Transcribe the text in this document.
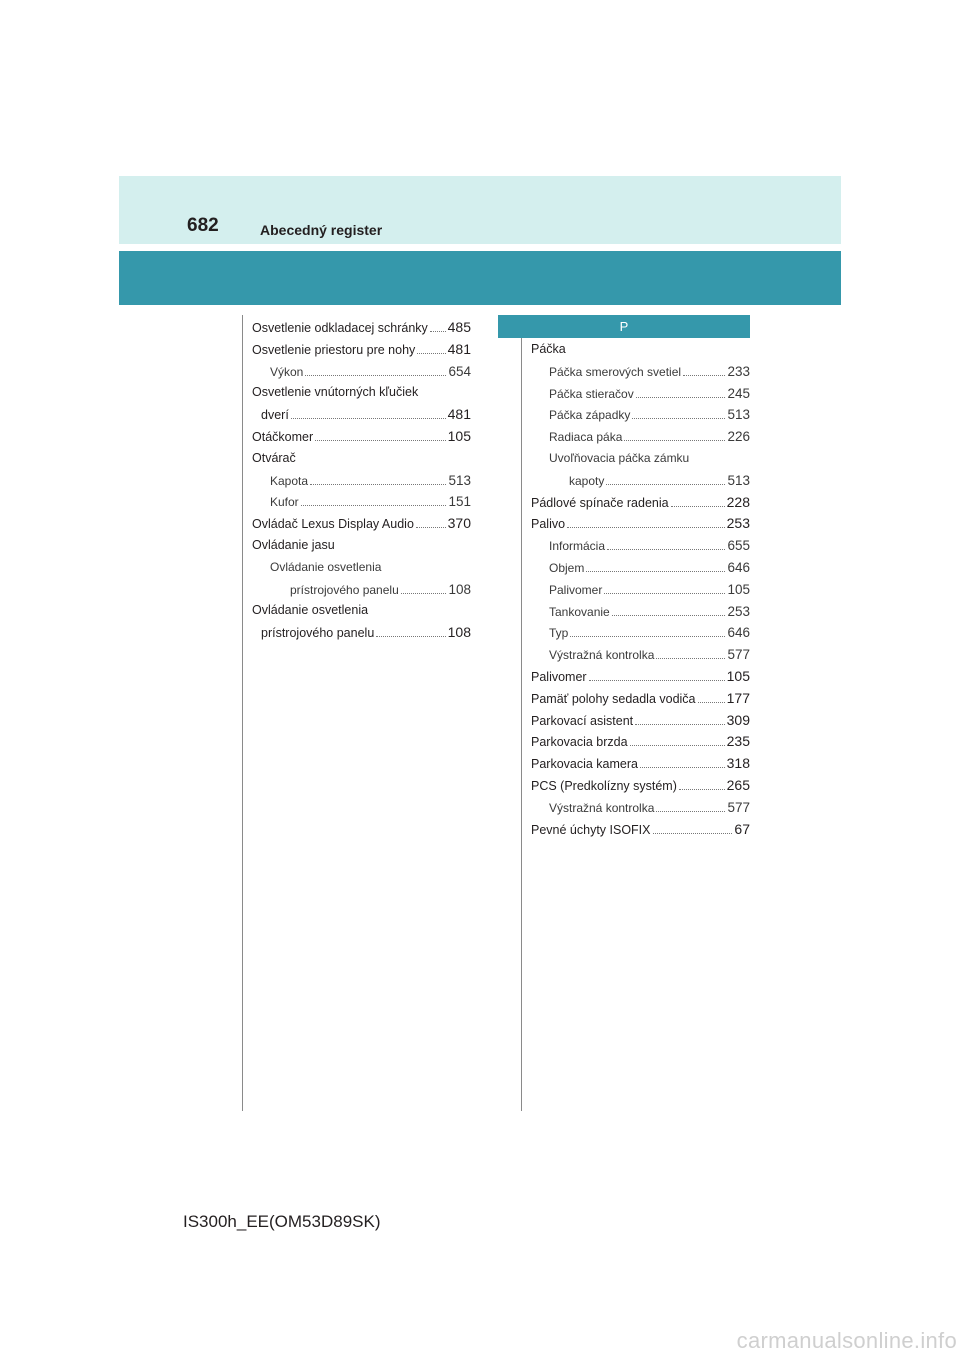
682	Abecedný register
Osvetlenie odkladacej schránky 485
Osvetlenie priestoru pre nohy 481
Výkon	654
Osvetlenie vnútorných kľučiek
dverí	481
Otáčkomer	105
Otvárač
Kapota	513
Kufor	151
Ovládač Lexus Display Audio 370
Ovládanie jasu
Ovládanie osvetlenia
prístrojového panelu	108
Ovládanie osvetlenia
prístrojového panelu	108
P
Páčka
Páčka smerových svetiel	233
Páčka stieračov	245
Páčka západky	513
Radiaca páka	226
Uvoľňovacia páčka zámku
kapoty	513
Pádlové spínače radenia	228
Palivo	253
Informácia	655
Objem	646
Palivomer	105
Tankovanie	253
Typ	646
Výstražná kontrolka	577
Palivomer	105
Pamäť polohy sedadla vodiča 177
Parkovací asistent	309
Parkovacia brzda	235
Parkovacia kamera	318
PCS (Predkolízny systém)	265
Výstražná kontrolka	577
Pevné úchyty ISOFIX	67
IS300h_EE(OM53D89SK)
carmanualsonline.info
